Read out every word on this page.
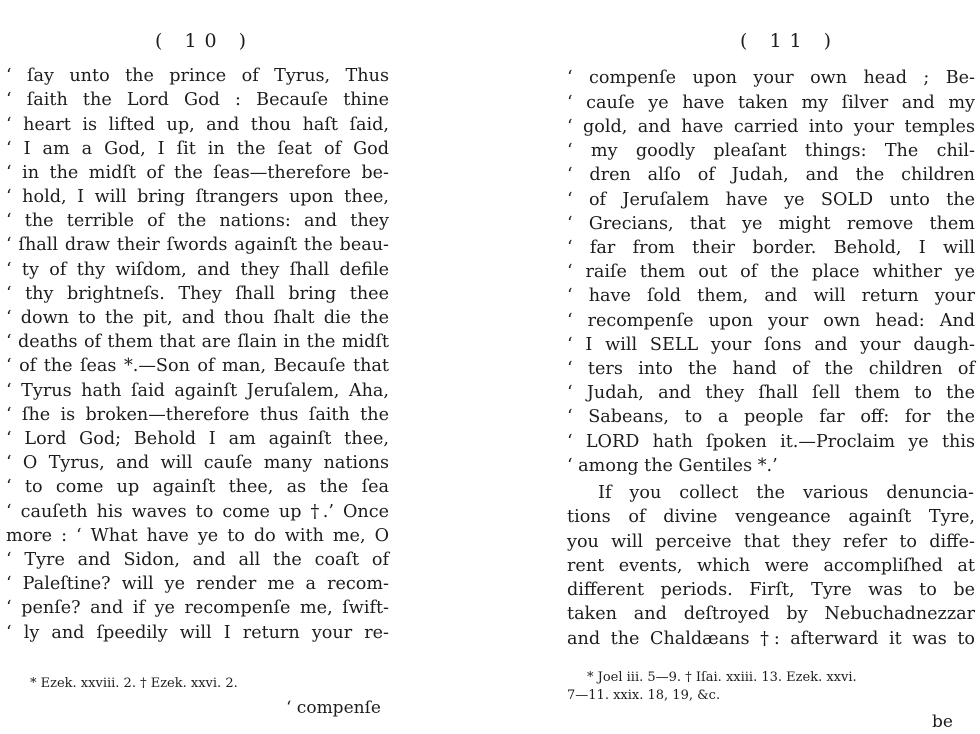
( 10 )
‘ ſay unto the prince of Tyrus, Thus
‘ ſaith the Lord God : Becauſe thine
‘ heart is lifted up, and thou haſt ſaid,
‘ I am a God, I ſit in the ſeat of God
‘ in the midſt of the ſeas—therefore be-
‘ hold, I will bring ſtrangers upon thee,
‘ the terrible of the nations: and they
‘ ſhall draw their ſwords againſt the beau-
‘ ty of thy wiſdom, and they ſhall defile
‘ thy brightneſs. They ſhall bring thee
‘ down to the pit, and thou ſhalt die the
‘ deaths of them that are ſlain in the midſt
‘ of the ſeas *.—Son of man, Becauſe that
‘ Tyrus hath ſaid againſt Jeruſalem, Aha,
‘ ſhe is broken—therefore thus ſaith the
‘ Lord God; Behold I am againſt thee,
‘ O Tyrus, and will cauſe many nations
‘ to come up againſt thee, as the ſea
‘ cauſeth his waves to come up †.’ Once
more : ‘ What have ye to do with me, O
‘ Tyre and Sidon, and all the coaſt of
‘ Paleſtine? will ye render me a recom-
‘ penſe? and if ye recompenſe me, ſwift-
‘ ly and ſpeedily will I return your re-
* Ezek. xxviii. 2. † Ezek. xxvi. 2.
‘ compenſe
( 11 )
‘ compenſe upon your own head ; Be-
‘ cauſe ye have taken my ſilver and my
‘ gold, and have carried into your temples
‘ my goodly pleaſant things: The chil-
‘ dren alſo of Judah, and the children
‘ of Jeruſalem have ye SOLD unto the
‘ Grecians, that ye might remove them
‘ far from their border. Behold, I will
‘ raiſe them out of the place whither ye
‘ have ſold them, and will return your
‘ recompenſe upon your own head: And
‘ I will SELL your ſons and your daugh-
‘ ters into the hand of the children of
‘ Judah, and they ſhall ſell them to the
‘ Sabeans, to a people far off: for the
‘ LORD hath ſpoken it.—Proclaim ye this
‘ among the Gentiles *.’
If you collect the various denuncia-
tions of divine vengeance againſt Tyre,
you will perceive that they refer to diffe-
rent events, which were accompliſhed at
different periods. Firſt, Tyre was to be
taken and deſtroyed by Nebuchadnezzar
and the Chaldæans †: afterward it was to
* Joel iii. 5—9. † Iſai. xxiii. 13. Ezek. xxvi.
7—11. xxix. 18, 19, &c.
be
